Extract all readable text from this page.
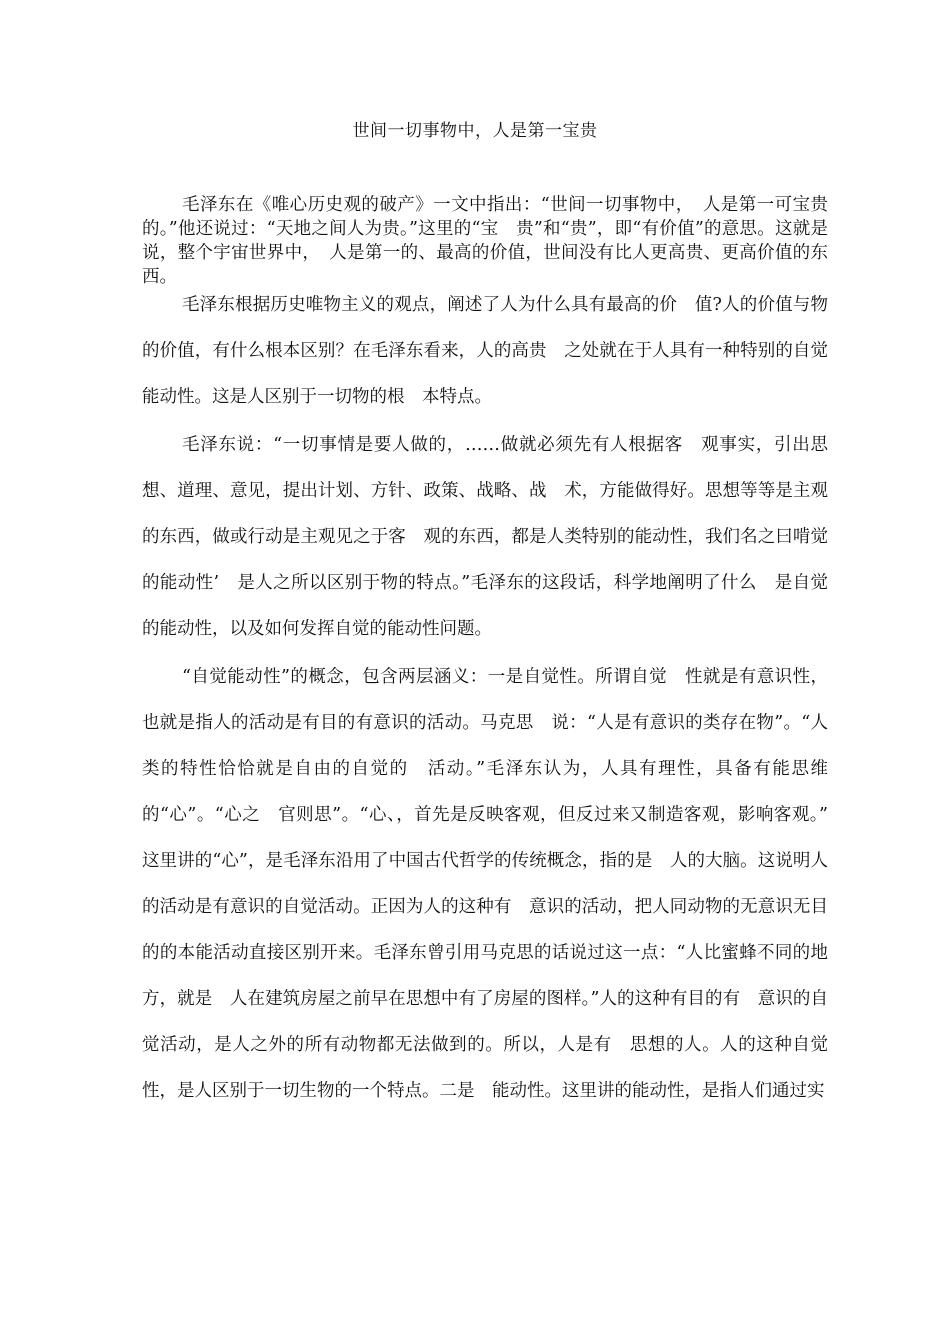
世间一切事物中，人是第一宝贵

毛泽东在《唯心历史观的破产》一文中指出：“世间一切事物中，　人是第一可宝贵的。”他还说过：“天地之间人为贵。”这里的“宝　贵”和“贵”，即“有价值”的意思。这就是说，整个宇宙世界中，　人是第一的、最高的价值，世间没有比人更高贵、更高价值的东西。

毛泽东根据历史唯物主义的观点，阐述了人为什么具有最高的价　值?人的价值与物的价值，有什么根本区别？在毛泽东看来，人的高贵　之处就在于人具有一种特别的自觉能动性。这是人区别于一切物的根　本特点。

毛泽东说：“一切事情是要人做的，……做就必须先有人根据客　观事实，引出思想、道理、意见，提出计划、方针、政策、战略、战　术，方能做得好。思想等等是主观的东西，做或行动是主观见之于客　观的东西，都是人类特别的能动性，我们名之曰啃觉的能动性’　是人之所以区别于物的特点。”毛泽东的这段话，科学地阐明了什么　是自觉的能动性，以及如何发挥自觉的能动性问题。

“自觉能动性”的概念，包含两层涵义：一是自觉性。所谓自觉　性就是有意识性，也就是指人的活动是有目的有意识的活动。马克思　说：“人是有意识的类存在物”。“人类的特性恰恰就是自由的自觉的　活动。”毛泽东认为，人具有理性，具备有能思维的“心”。“心之　官则思”。“心、，首先是反映客观，但反过来又制造客观，影响客观。”　这里讲的“心”，是毛泽东沿用了中国古代哲学的传统概念，指的是　人的大脑。这说明人的活动是有意识的自觉活动。正因为人的这种有　意识的活动，把人同动物的无意识无目的的本能活动直接区别开来。毛泽东曾引用马克思的话说过这一点：“人比蜜蜂不同的地方，就是　人在建筑房屋之前早在思想中有了房屋的图样。”人的这种有目的有　意识的自觉活动，是人之外的所有动物都无法做到的。所以，人是有　思想的人。人的这种自觉性，是人区别于一切生物的一个特点。二是　能动性。这里讲的能动性，是指人们通过实
